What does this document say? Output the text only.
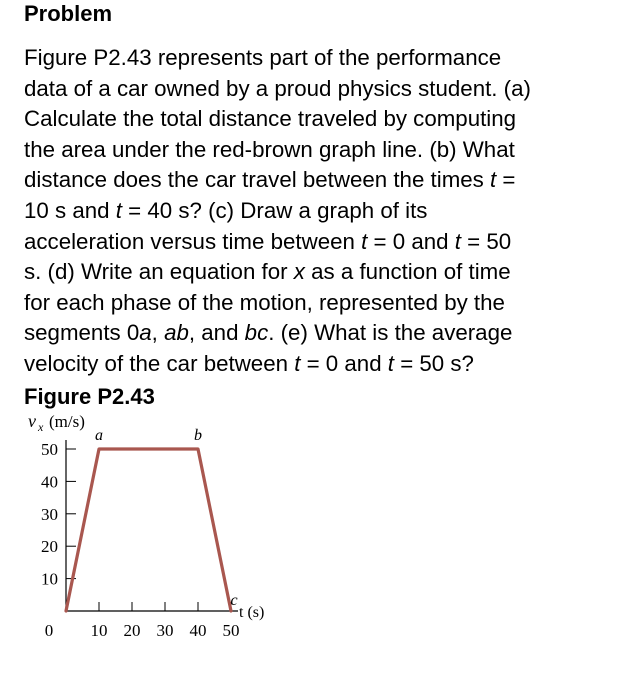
Problem
Figure P2.43 represents part of the performance
data of a car owned by a proud physics student. (a)
Calculate the total distance traveled by computing
the area under the red-brown graph line. (b) What
distance does the car travel between the times t =
10 s and t = 40 s? (c) Draw a graph of its
acceleration versus time between t = 0 and t = 50
s. (d) Write an equation for x as a function of time
for each phase of the motion, represented by the
segments 0a, ab, and bc. (e) What is the average
velocity of the car between t = 0 and t = 50 s?
Figure P2.43
10
20
30
40
50
0 10 20 30 40 50
v x (m/s)
t (s)
a	b
c
